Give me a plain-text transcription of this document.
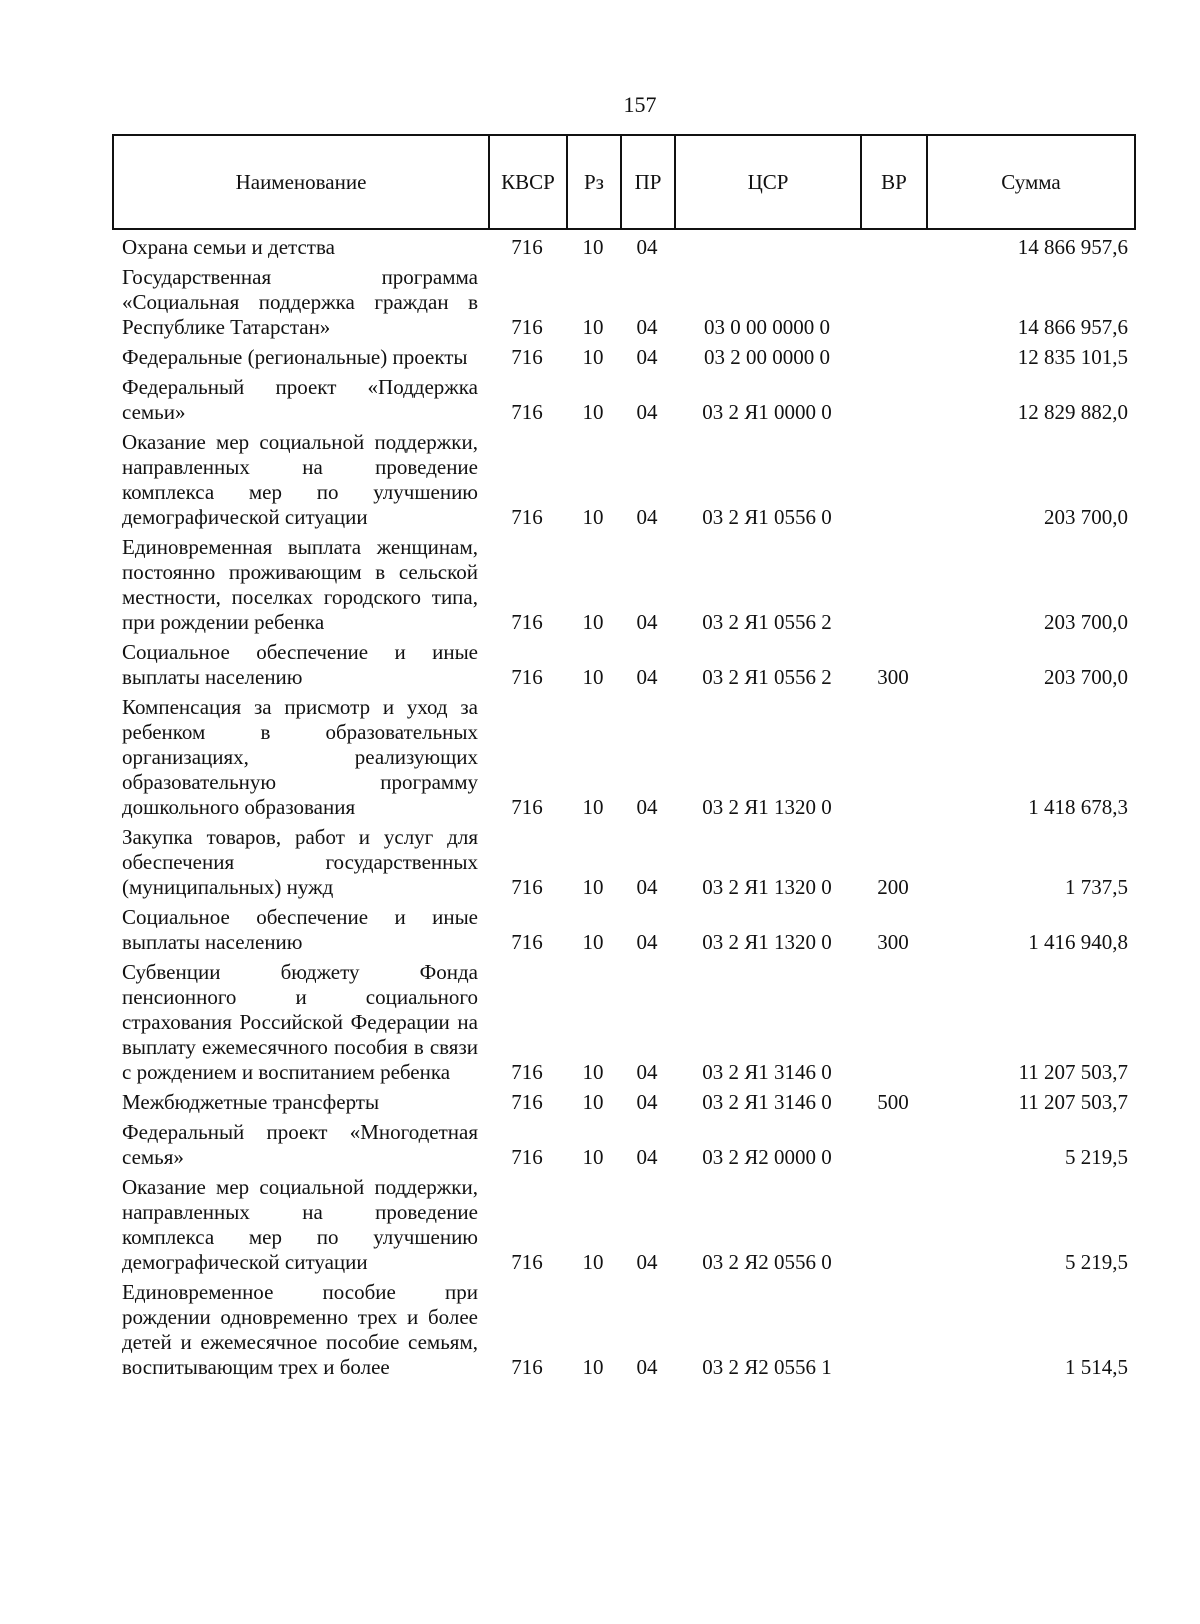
157
Наименование	КВСР	Рз	ПР	ЦСР	ВР	Сумма
Охрана семьи и детства	716	10	04			14 866 957,6
Государственная программа «Социальная поддержка граждан в Республике Татарстан»	716	10	04	03 0 00 0000 0		14 866 957,6
Федеральные (региональные) проекты	716	10	04	03 2 00 0000 0		12 835 101,5
Федеральный проект «Поддержка семьи»	716	10	04	03 2 Я1 0000 0		12 829 882,0
Оказание мер социальной поддержки, направленных на проведение комплекса мер по улучшению демографической ситуации	716	10	04	03 2 Я1 0556 0		203 700,0
Единовременная выплата женщинам, постоянно проживающим в сельской местности, поселках городского типа, при рождении ребенка	716	10	04	03 2 Я1 0556 2		203 700,0
Социальное обеспечение и иные выплаты населению	716	10	04	03 2 Я1 0556 2	300	203 700,0
Компенсация за присмотр и уход за ребенком в образовательных организациях, реализующих образовательную программу дошкольного образования	716	10	04	03 2 Я1 1320 0		1 418 678,3
Закупка товаров, работ и услуг для обеспечения государственных (муниципальных) нужд	716	10	04	03 2 Я1 1320 0	200	1 737,5
Социальное обеспечение и иные выплаты населению	716	10	04	03 2 Я1 1320 0	300	1 416 940,8
Субвенции бюджету Фонда пенсионного и социального страхования Российской Федерации на выплату ежемесячного пособия в связи с рождением и воспитанием ребенка	716	10	04	03 2 Я1 3146 0		11 207 503,7
Межбюджетные трансферты	716	10	04	03 2 Я1 3146 0	500	11 207 503,7
Федеральный проект «Многодетная семья»	716	10	04	03 2 Я2 0000 0		5 219,5
Оказание мер социальной поддержки, направленных на проведение комплекса мер по улучшению демографической ситуации	716	10	04	03 2 Я2 0556 0		5 219,5
Единовременное пособие при рождении одновременно трех и более детей и ежемесячное пособие семьям, воспитывающим трех и более	716	10	04	03 2 Я2 0556 1		1 514,5
